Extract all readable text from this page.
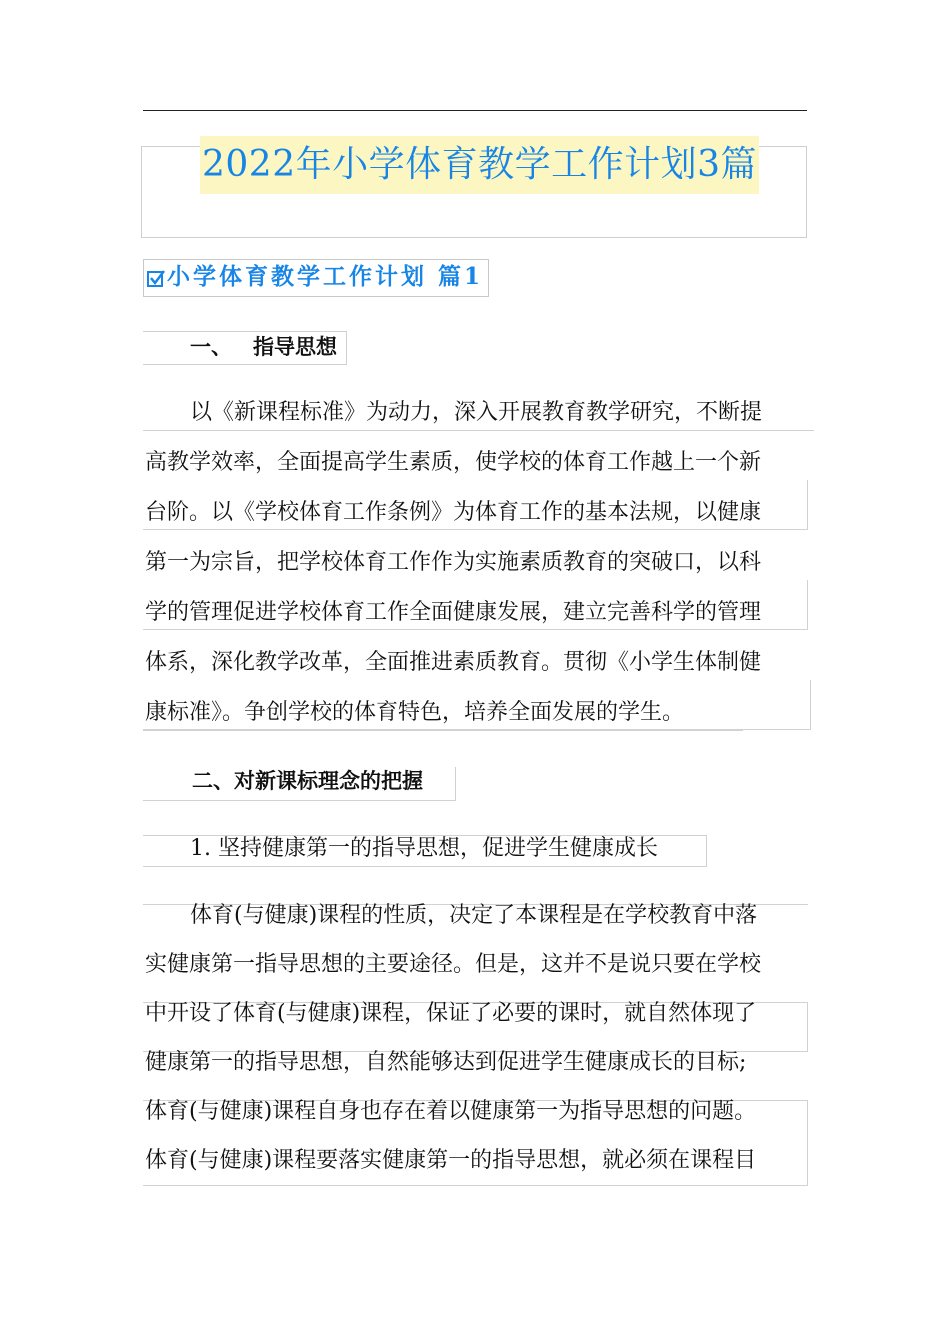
2022年小学体育教学工作计划3篇
小学体育教学工作计划 篇1
一、 指导思想
以《新课程标准》为动力，深入开展教育教学研究，不断提
高教学效率，全面提高学生素质，使学校的体育工作越上一个新
台阶。以《学校体育工作条例》为体育工作的基本法规，以健康
第一为宗旨，把学校体育工作作为实施素质教育的突破口，以科
学的管理促进学校体育工作全面健康发展，建立完善科学的管理
体系，深化教学改革，全面推进素质教育。贯彻《小学生体制健
康标准》。争创学校的体育特色，培养全面发展的学生。
二、对新课标理念的把握
1. 坚持健康第一的指导思想，促进学生健康成长
体育(与健康)课程的性质，决定了本课程是在学校教育中落
实健康第一指导思想的主要途径。但是，这并不是说只要在学校
中开设了体育(与健康)课程，保证了必要的课时，就自然体现了
健康第一的指导思想，自然能够达到促进学生健康成长的目标;
体育(与健康)课程自身也存在着以健康第一为指导思想的问题。
体育(与健康)课程要落实健康第一的指导思想，就必须在课程目
